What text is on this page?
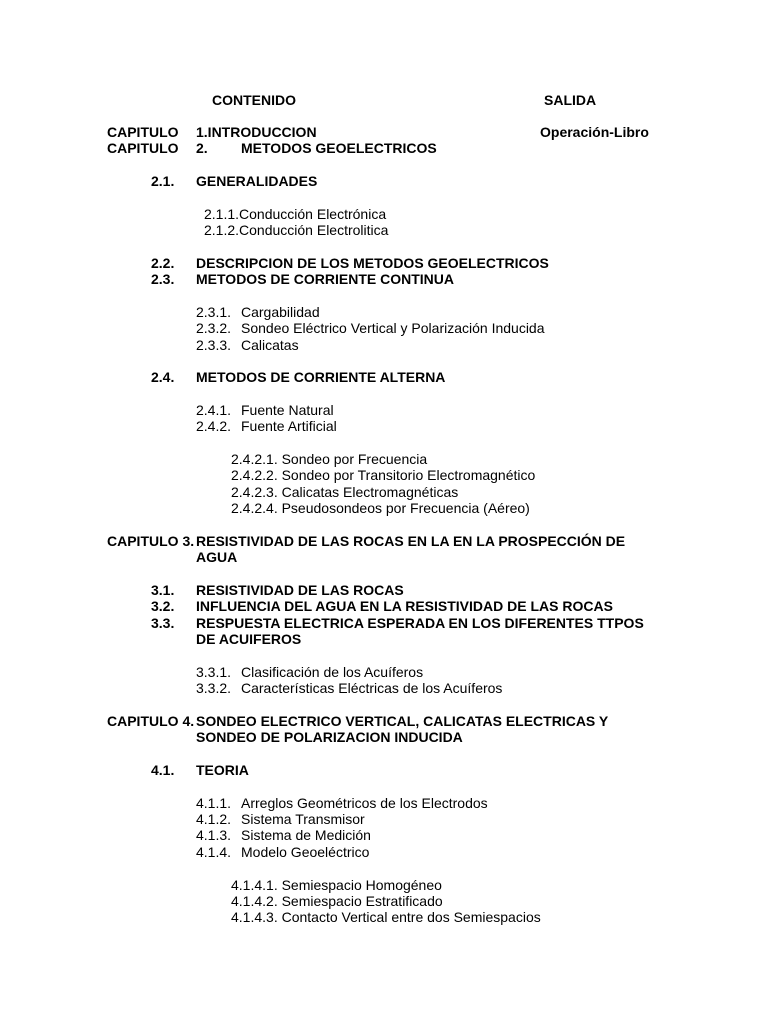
CONTENIDO	SALIDA
CAPITULO 1.INTRODUCCION	Operación-Libro
CAPITULO 2. METODOS GEOELECTRICOS
2.1. GENERALIDADES
2.1.1.Conducción Electrónica
2.1.2.Conducción Electrolitica
2.2. DESCRIPCION DE LOS METODOS GEOELECTRICOS
2.3. METODOS DE CORRIENTE CONTINUA
2.3.1. Cargabilidad
2.3.2. Sondeo Eléctrico Vertical y Polarización Inducida
2.3.3. Calicatas
2.4. METODOS DE CORRIENTE ALTERNA
2.4.1. Fuente Natural
2.4.2. Fuente Artificial
2.4.2.1. Sondeo por Frecuencia
2.4.2.2. Sondeo por Transitorio Electromagnético
2.4.2.3. Calicatas Electromagnéticas
2.4.2.4. Pseudosondeos por Frecuencia (Aéreo)
CAPITULO 3. RESISTIVIDAD DE LAS ROCAS EN LA EN LA PROSPECCIÓN DE
AGUA
3.1. RESISTIVIDAD DE LAS ROCAS
3.2. INFLUENCIA DEL AGUA EN LA RESISTIVIDAD DE LAS ROCAS
3.3. RESPUESTA ELECTRICA ESPERADA EN LOS DIFERENTES TTPOS
DE ACUIFEROS
3.3.1. Clasificación de los Acuíferos
3.3.2. Características Eléctricas de los Acuíferos
CAPITULO 4. SONDEO ELECTRICO VERTICAL, CALICATAS ELECTRICAS Y
SONDEO DE POLARIZACION INDUCIDA
4.1. TEORIA
4.1.1. Arreglos Geométricos de los Electrodos
4.1.2. Sistema Transmisor
4.1.3. Sistema de Medición
4.1.4. Modelo Geoeléctrico
4.1.4.1. Semiespacio Homogéneo
4.1.4.2. Semiespacio Estratificado
4.1.4.3. Contacto Vertical entre dos Semiespacios
